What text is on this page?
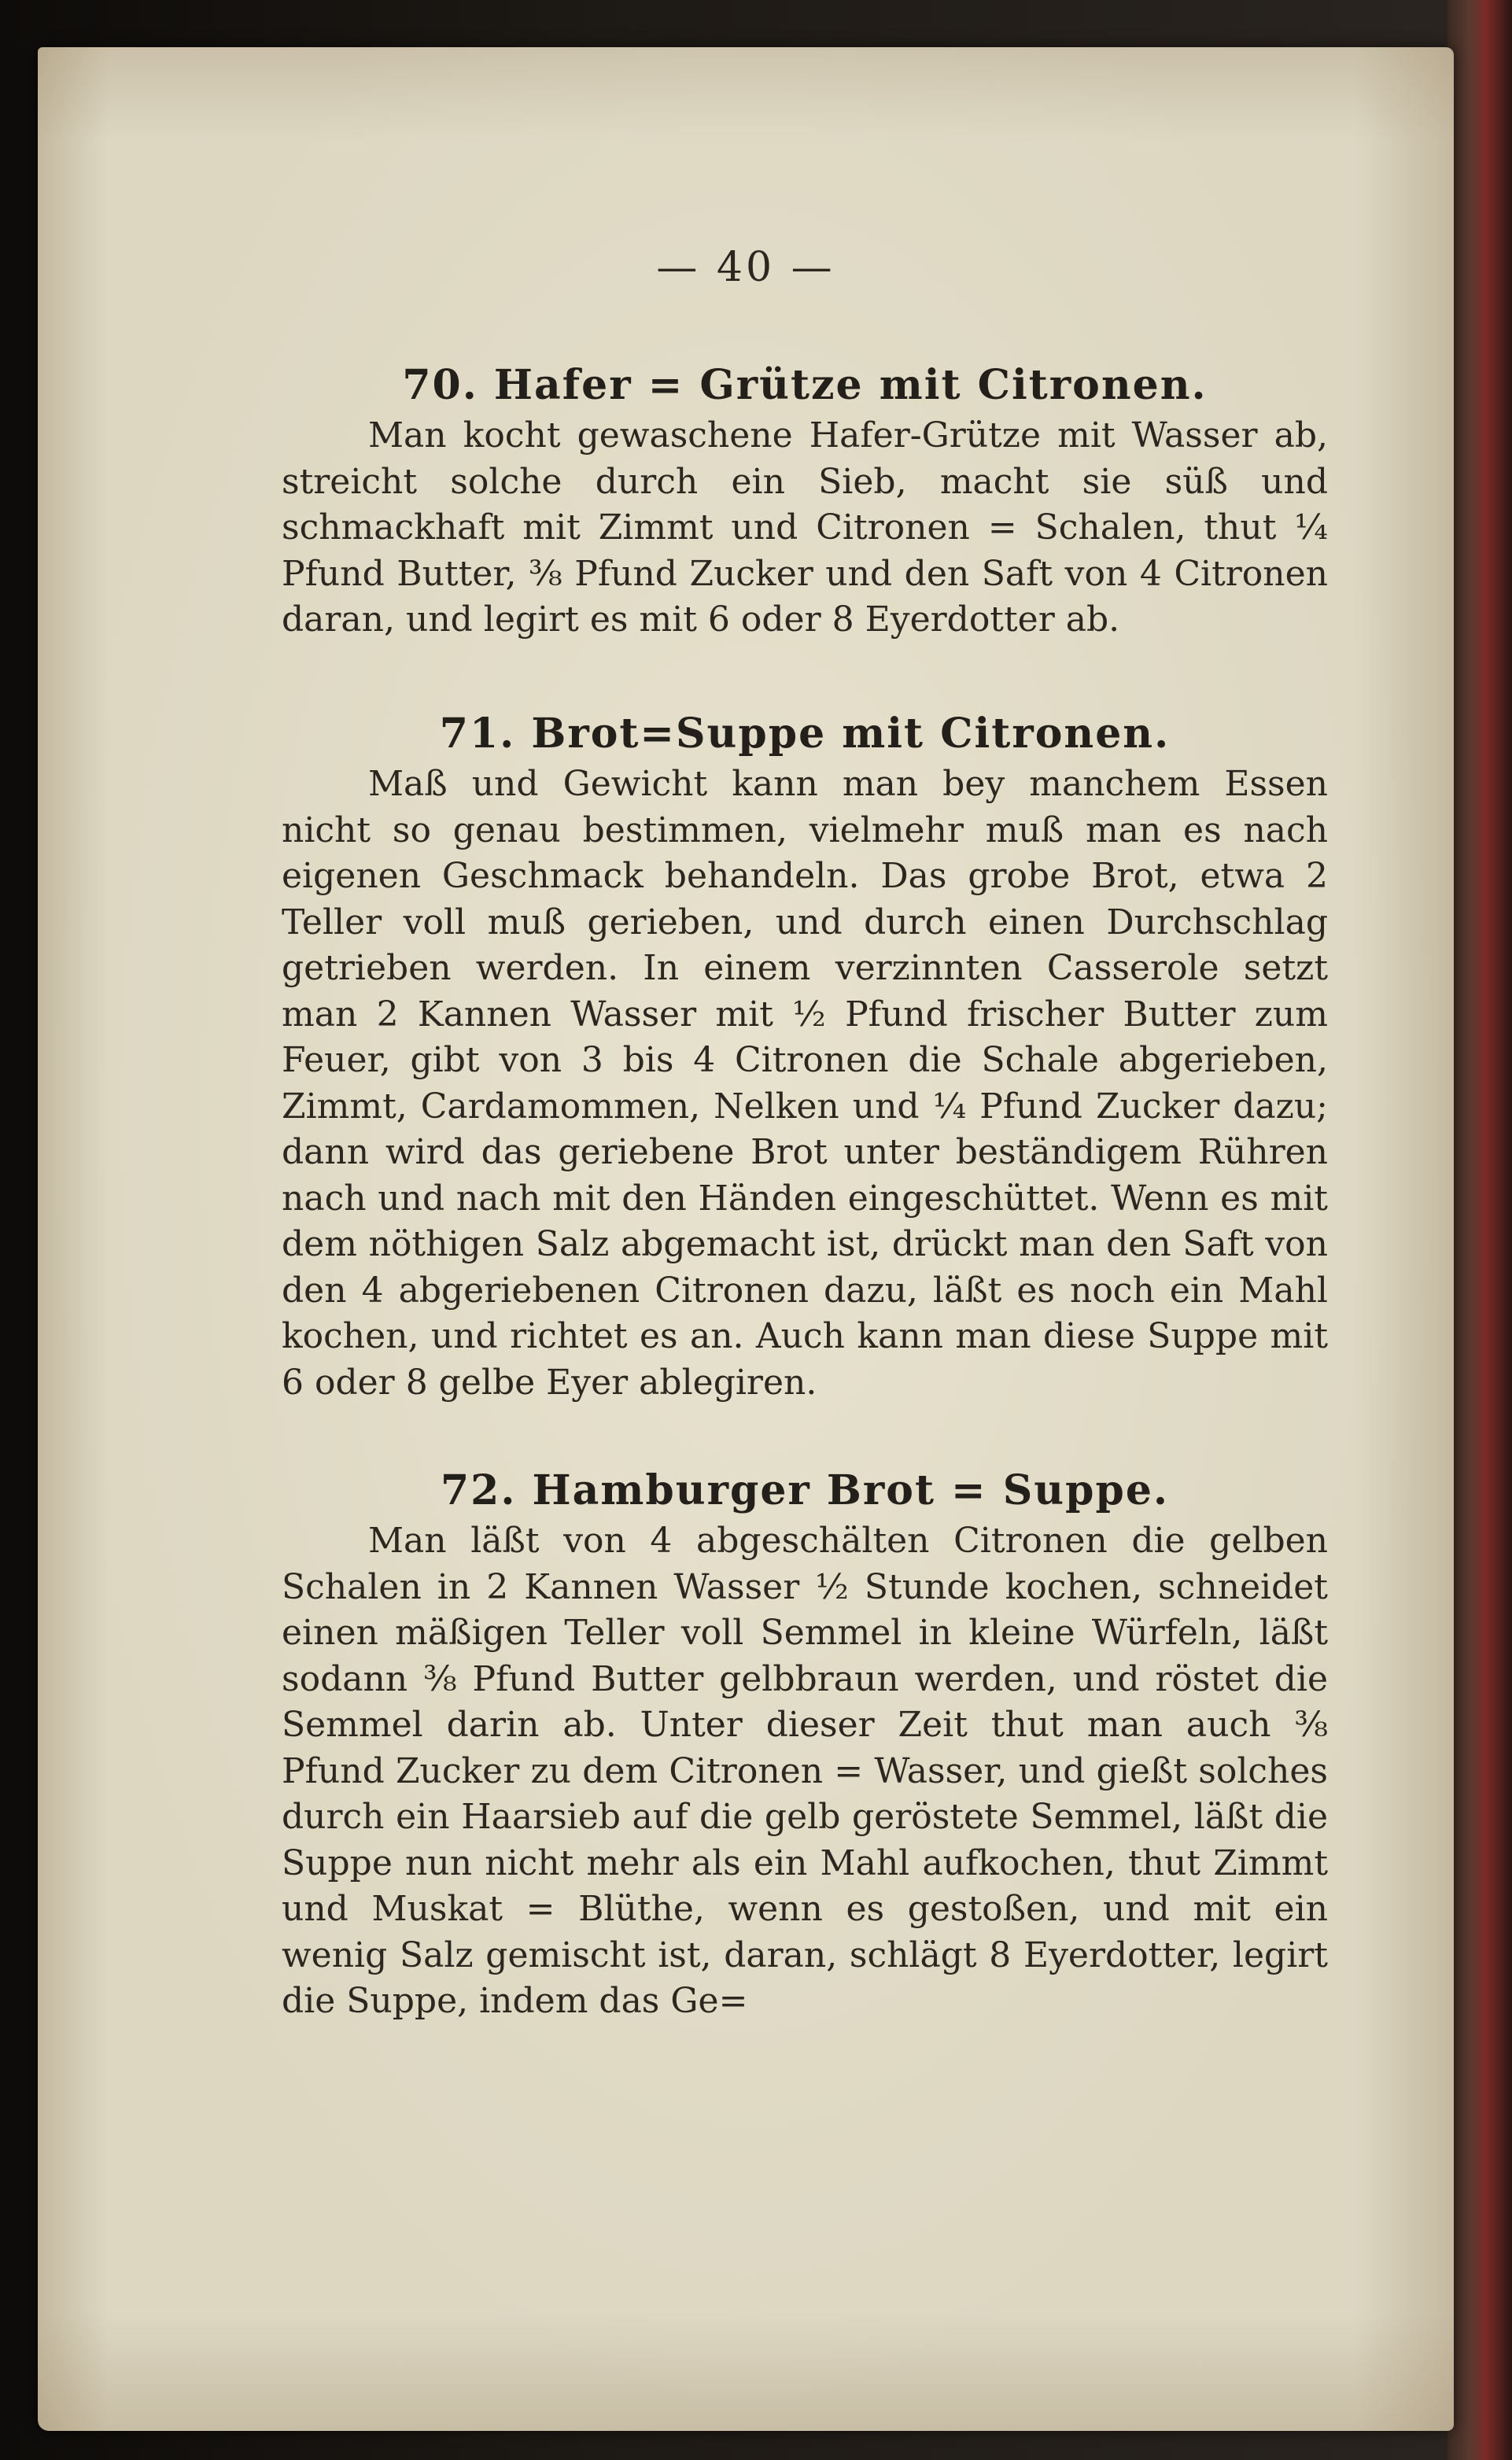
— 40 —
70. Hafer = Grütze mit Citronen.

Man kocht gewaschene Hafer-Grütze mit Wasser ab, streicht solche durch ein Sieb, macht sie süß und schmackhaft mit Zimmt und Citronen = Schalen, thut ¼ Pfund Butter, ⅜ Pfund Zucker und den Saft von 4 Citronen daran, und legirt es mit 6 oder 8 Eyerdotter ab.

71. Brot=Suppe mit Citronen.

Maß und Gewicht kann man bey manchem Essen nicht so genau bestimmen, vielmehr muß man es nach eigenen Geschmack behandeln. Das grobe Brot, etwa 2 Teller voll muß gerieben, und durch einen Durchschlag getrieben werden. In einem verzinnten Casserole setzt man 2 Kannen Wasser mit ½ Pfund frischer Butter zum Feuer, gibt von 3 bis 4 Citronen die Schale abgerieben, Zimmt, Cardamommen, Nelken und ¼ Pfund Zucker dazu; dann wird das geriebene Brot unter beständigem Rühren nach und nach mit den Händen eingeschüttet. Wenn es mit dem nöthigen Salz abgemacht ist, drückt man den Saft von den 4 abgeriebenen Citronen dazu, läßt es noch ein Mahl kochen, und richtet es an. Auch kann man diese Suppe mit 6 oder 8 gelbe Eyer ablegiren.

72. Hamburger Brot = Suppe.

Man läßt von 4 abgeschälten Citronen die gelben Schalen in 2 Kannen Wasser ½ Stunde kochen, schneidet einen mäßigen Teller voll Semmel in kleine Würfeln, läßt sodann ⅜ Pfund Butter gelbbraun werden, und röstet die Semmel darin ab. Unter dieser Zeit thut man auch ⅜ Pfund Zucker zu dem Citronen = Wasser, und gießt solches durch ein Haarsieb auf die gelb geröstete Semmel, läßt die Suppe nun nicht mehr als ein Mahl aufkochen, thut Zimmt und Muskat = Blüthe, wenn es gestoßen, und mit ein wenig Salz gemischt ist, daran, schlägt 8 Eyerdotter, legirt die Suppe, indem das Ge=
